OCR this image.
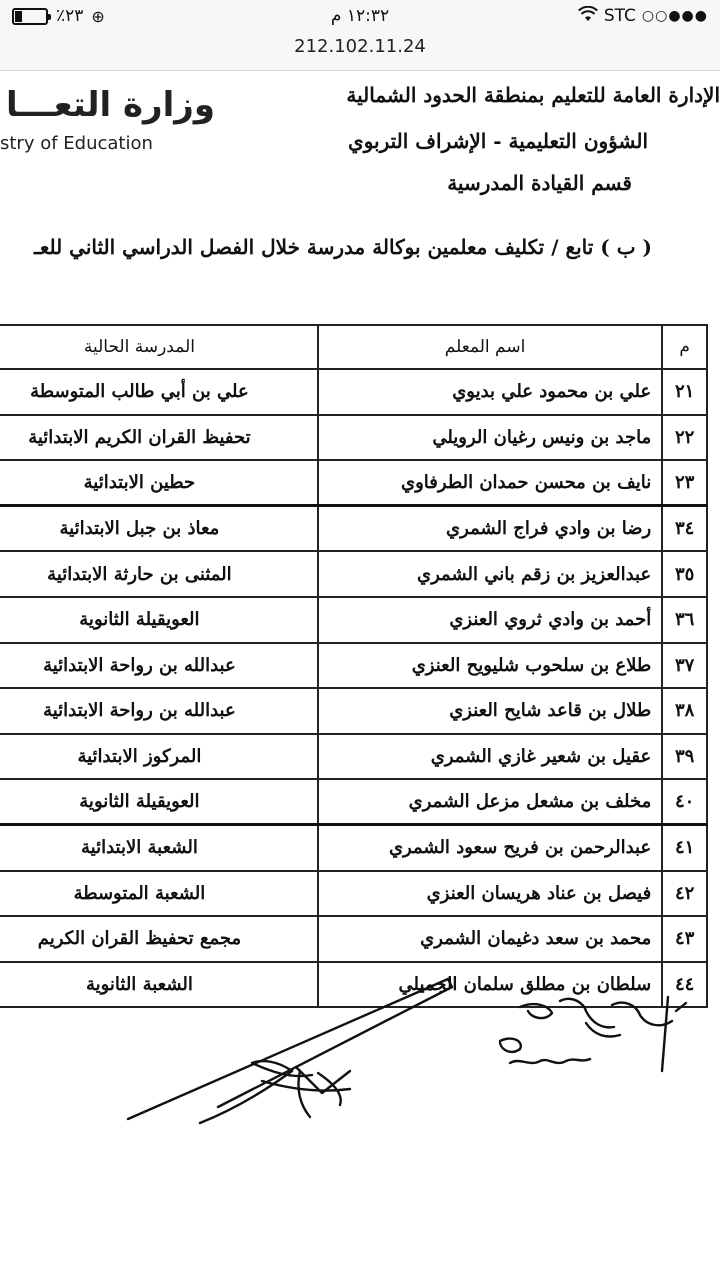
٪٢٣ ⊕	١٢:٣٢ م	STC ○○●●●
212.102.11.24
وزارة التعـــا
stry of Education
الإدارة العامة للتعليم بمنطقة الحدود الشمالية
الشؤون التعليمية - الإشراف التربوي
قسم القيادة المدرسية
( ب ) تابع / تكليف معلمين بوكالة مدرسة خلال الفصل الدراسي الثاني للعـ
م	اسم المعلم	المدرسة الحالية
٢١	علي بن محمود علي بديوي	علي بن أبي طالب المتوسطة
٢٢	ماجد بن ونيس رغيان الرويلي	تحفيظ القران الكريم الابتدائية
٢٣	نايف بن محسن حمدان الطرفاوي	حطين الابتدائية
٣٤	رضا بن وادي فراج الشمري	معاذ بن جبل الابتدائية
٣٥	عبدالعزيز بن زقم باني الشمري	المثنى بن حارثة الابتدائية
٣٦	أحمد بن وادي ثروي العنزي	العويقيلة الثانوية
٣٧	طلاع بن سلحوب شليويح العنزي	عبدالله بن رواحة الابتدائية
٣٨	طلال بن قاعد شايح العنزي	عبدالله بن رواحة الابتدائية
٣٩	عقيل بن شعير غازي الشمري	المركوز الابتدائية
٤٠	مخلف بن مشعل مزعل الشمري	العويقيلة الثانوية
٤١	عبدالرحمن بن فريح سعود الشمري	الشعبة الابتدائية
٤٢	فيصل بن عناد هريسان العنزي	الشعبة المتوسطة
٤٣	محمد بن سعد دغيمان الشمري	مجمع تحفيظ القران الكريم
٤٤	سلطان بن مطلق سلمان الجميلي	الشعبة الثانوية
